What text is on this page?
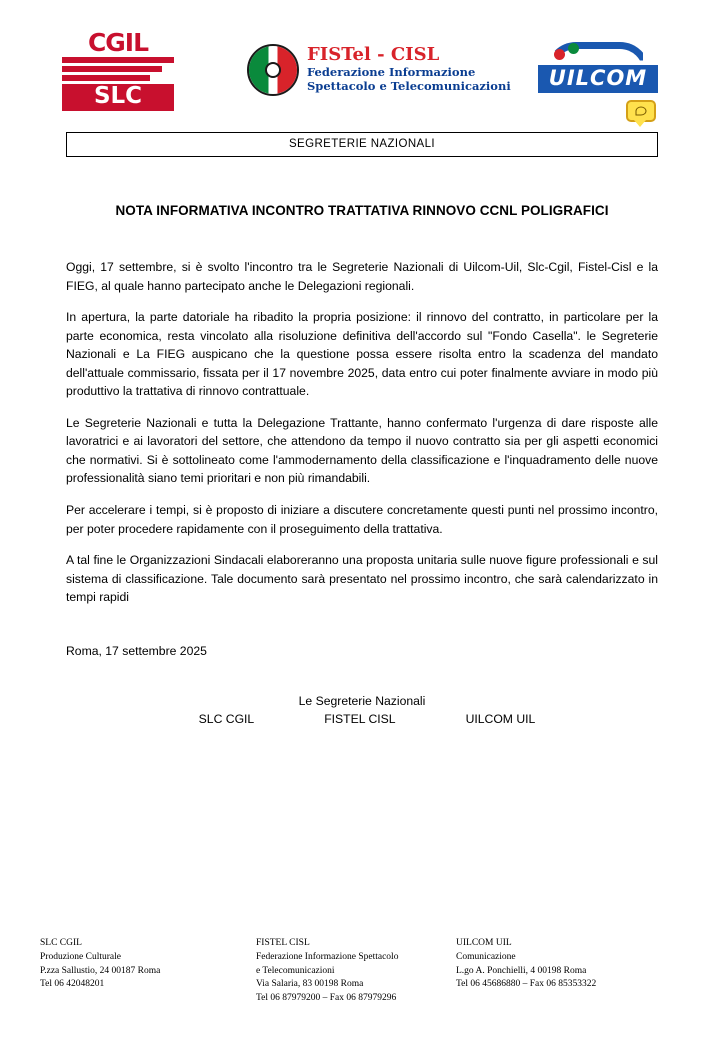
CGIL
SLC
FISTel - CISL
Federazione Informazione
Spettacolo e Telecomunicazioni	UILCOM
SEGRETERIE NAZIONALI
NOTA INFORMATIVA INCONTRO TRATTATIVA RINNOVO CCNL POLIGRAFICI

Oggi, 17 settembre, si è svolto l'incontro tra le Segreterie Nazionali di Uilcom-Uil, Slc-Cgil, Fistel-Cisl e la FIEG, al quale hanno partecipato anche le Delegazioni regionali.

In apertura, la parte datoriale ha ribadito la propria posizione: il rinnovo del contratto, in particolare per la parte economica, resta vincolato alla risoluzione definitiva dell'accordo sul "Fondo Casella". le Segreterie Nazionali e La FIEG auspicano che la questione possa essere risolta entro la scadenza del mandato dell'attuale commissario, fissata per il 17 novembre 2025, data entro cui poter finalmente avviare in modo più produttivo la trattativa di rinnovo contrattuale.

Le Segreterie Nazionali e tutta la Delegazione Trattante, hanno confermato l'urgenza di dare risposte alle lavoratrici e ai lavoratori del settore, che attendono da tempo il nuovo contratto sia per gli aspetti economici che normativi. Si è sottolineato come l'ammodernamento della classificazione e l'inquadramento delle nuove professionalità siano temi prioritari e non più rimandabili.

Per accelerare i tempi, si è proposto di iniziare a discutere concretamente questi punti nel prossimo incontro, per poter procedere rapidamente con il proseguimento della trattativa.

A tal fine le Organizzazioni Sindacali elaboreranno una proposta unitaria sulle nuove figure professionali e sul sistema di classificazione. Tale documento sarà presentato nel prossimo incontro, che sarà calendarizzato in tempi rapidi

Roma, 17 settembre 2025
Le Segreterie Nazionali
SLC CGIL	FISTEL CISL	UILCOM UIL
SLC CGIL
Produzione Culturale
P.zza Sallustio, 24 00187 Roma
Tel 06 42048201
FISTEL CISL
Federazione Informazione Spettacolo
e Telecomunicazioni
Via Salaria, 83 00198 Roma
Tel 06 87979200 – Fax 06 87979296
UILCOM UIL
Comunicazione
L.go A. Ponchielli, 4 00198 Roma
Tel 06 45686880 – Fax 06 85353322
